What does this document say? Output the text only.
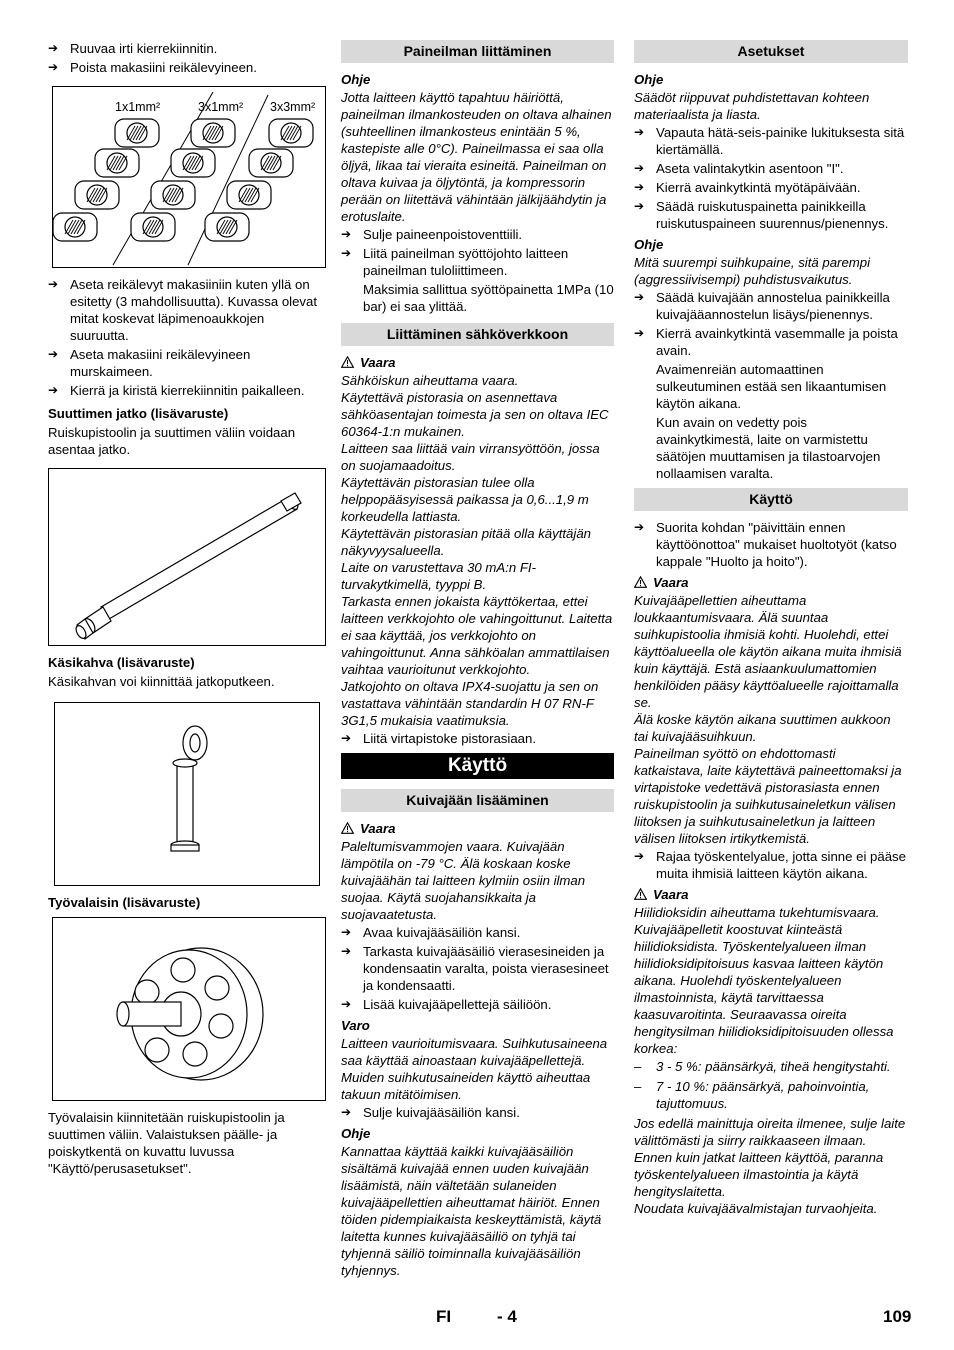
➔ Ruuvaa irti kierrekiinnitin.
➔ Poista makasiini reikälevyineen.
1x1mm²	3x1mm² 3x3mm²
➔ Aseta reikälevyt makasiiniin kuten yllä on esitetty (3 mahdollisuutta). Kuvassa olevat mitat koskevat läpimenoaukkojen suuruutta.
➔ Aseta makasiini reikälevyineen murskaimeen.
➔ Kierrä ja kiristä kierrekiinnitin paikalleen.
Suuttimen jatko (lisävaruste)

Ruiskupistoolin ja suuttimen väliin voidaan asentaa jatko.

Käsikahva (lisävaruste)

Käsikahvan voi kiinnittää jatkoputkeen.

Työvalaisin (lisävaruste)

Työvalaisin kiinnitetään ruiskupistoolin ja suuttimen väliin. Valaistuksen päälle- ja poiskytkentä on kuvattu luvussa "Käyttö/perusasetukset".

Paineilman liittäminen
Ohje

Jotta laitteen käyttö tapahtuu häiriöttä, paineilman ilmankosteuden on oltava alhainen (suhteellinen ilmankosteus enintään 5 %, kastepiste alle 0°C). Paineilmassa ei saa olla öljyä, likaa tai vieraita esineitä. Paineilman on oltava kuivaa ja öljytöntä, ja kompressorin perään on liitettävä vähintään jälkijäähdytin ja erotuslaite.

➔ Sulje paineenpoistoventtiili.
➔ Liitä paineilman syöttöjohto laitteen paineilman tuloliittimeen.
Maksimia sallittua syöttöpainetta 1MPa (10 bar) ei saa ylittää.
Liittäminen sähköverkkoon
Vaara

Sähköiskun aiheuttama vaara.
Käytettävä pistorasia on asennettava sähköasentajan toimesta ja sen on oltava IEC 60364-1:n mukainen.
Laitteen saa liittää vain virransyöttöön, jossa on suojamaadoitus.
Käytettävän pistorasian tulee olla helppopääsyisessä paikassa ja 0,6...1,9 m korkeudella lattiasta.
Käytettävän pistorasian pitää olla käyttäjän näkyvyysalueella.
Laite on varustettava 30 mA:n FI-turvakytkimellä, tyyppi B.
Tarkasta ennen jokaista käyttökertaa, ettei laitteen verkkojohto ole vahingoittunut. Laitetta ei saa käyttää, jos verkkojohto on vahingoittunut. Anna sähköalan ammattilaisen vaihtaa vaurioitunut verkkojohto.
Jatkojohto on oltava IPX4-suojattu ja sen on vastattava vähintään standardin H 07 RN-F 3G1,5 mukaisia vaatimuksia.

➔ Liitä virtapistoke pistorasiaan.
Käyttö
Kuivajään lisääminen
Vaara

Paleltumisvammojen vaara. Kuivajään lämpötila on -79 °C. Älä koskaan koske kuivajäähän tai laitteen kylmiin osiin ilman suojaa. Käytä suojahansikkaita ja suojavaatetusta.

➔ Avaa kuivajääsäiliön kansi.
➔ Tarkasta kuivajääsäiliö vierasesineiden ja kondensaatin varalta, poista vierasesineet ja kondensaatti.
➔ Lisää kuivajääpellettejä säiliöön.
Varo

Laitteen vaurioitumisvaara. Suihkutusaineena saa käyttää ainoastaan kuivajääpellettejä. Muiden suihkutusaineiden käyttö aiheuttaa takuun mitätöimisen.

➔ Sulje kuivajääsäiliön kansi.
Ohje

Kannattaa käyttää kaikki kuivajääsäiliön sisältämä kuivajää ennen uuden kuivajään lisäämistä, näin vältetään sulaneiden kuivajääpellettien aiheuttamat häiriöt. Ennen töiden pidempiaikaista keskeyttämistä, käytä laitetta kunnes kuivajääsäiliö on tyhjä tai tyhjennä säiliö toiminnalla kuivajääsäiliön tyhjennys.

Asetukset
Ohje

Säädöt riippuvat puhdistettavan kohteen materiaalista ja liasta.

➔ Vapauta hätä-seis-painike lukituksesta sitä kiertämällä.
➔ Aseta valintakytkin asentoon "I".
➔ Kierrä avainkytkintä myötäpäivään.
➔ Säädä ruiskutuspainetta painikkeilla ruiskutuspaineen suurennus/pienennys.
Ohje

Mitä suurempi suihkupaine, sitä parempi (aggressiivisempi) puhdistusvaikutus.

➔ Säädä kuivajään annostelua painikkeilla kuivajääannostelun lisäys/pienennys.
➔ Kierrä avainkytkintä vasemmalle ja poista avain.
Avaimenreiän automaattinen sulkeutuminen estää sen likaantumisen käytön aikana.
Kun avain on vedetty pois avainkytkimestä, laite on varmistettu säätöjen muuttamisen ja tilastoarvojen nollaamisen varalta.
Käyttö
➔ Suorita kohdan "päivittäin ennen käyttöönottoa" mukaiset huoltotyöt (katso kappale "Huolto ja hoito").
Vaara

Kuivajääpellettien aiheuttama loukkaantumisvaara. Älä suuntaa suihkupistoolia ihmisiä kohti. Huolehdi, ettei käyttöalueella ole käytön aikana muita ihmisiä kuin käyttäjä. Estä asiaankuulumattomien henkilöiden pääsy käyttöalueelle rajoittamalla se.
Älä koske käytön aikana suuttimen aukkoon tai kuivajääsuihkuun.
Paineilman syöttö on ehdottomasti katkaistava, laite käytettävä paineettomaksi ja virtapistoke vedettävä pistorasiasta ennen ruiskupistoolin ja suihkutusaineletkun välisen liitoksen ja suihkutusaineletkun ja laitteen välisen liitoksen irtikytkemistä.

➔ Rajaa työskentelyalue, jotta sinne ei pääse muita ihmisiä laitteen käytön aikana.
Vaara

Hiilidioksidin aiheuttama tukehtumisvaara. Kuivajääpelletit koostuvat kiinteästä hiilidioksidista. Työskentelyalueen ilman hiilidioksidipitoisuus kasvaa laitteen käytön aikana. Huolehdi työskentelyalueen ilmastoinnista, käytä tarvittaessa kaasuvaroitinta. Seuraavassa oireita hengitysilman hiilidioksidipitoisuuden ollessa korkea:

–	3 - 5 %: päänsärkyä, tiheä hengitystahti.
–	7 - 10 %: päänsärkyä, pahoinvointia, tajuttomuus.

Jos edellä mainittuja oireita ilmenee, sulje laite välittömästi ja siirry raikkaaseen ilmaan. Ennen kuin jatkat laitteen käyttöä, paranna työskentelyalueen ilmastointia ja käytä hengityslaitetta.
Noudata kuivajäävalmistajan turvaohjeita.

FI	- 4	109
